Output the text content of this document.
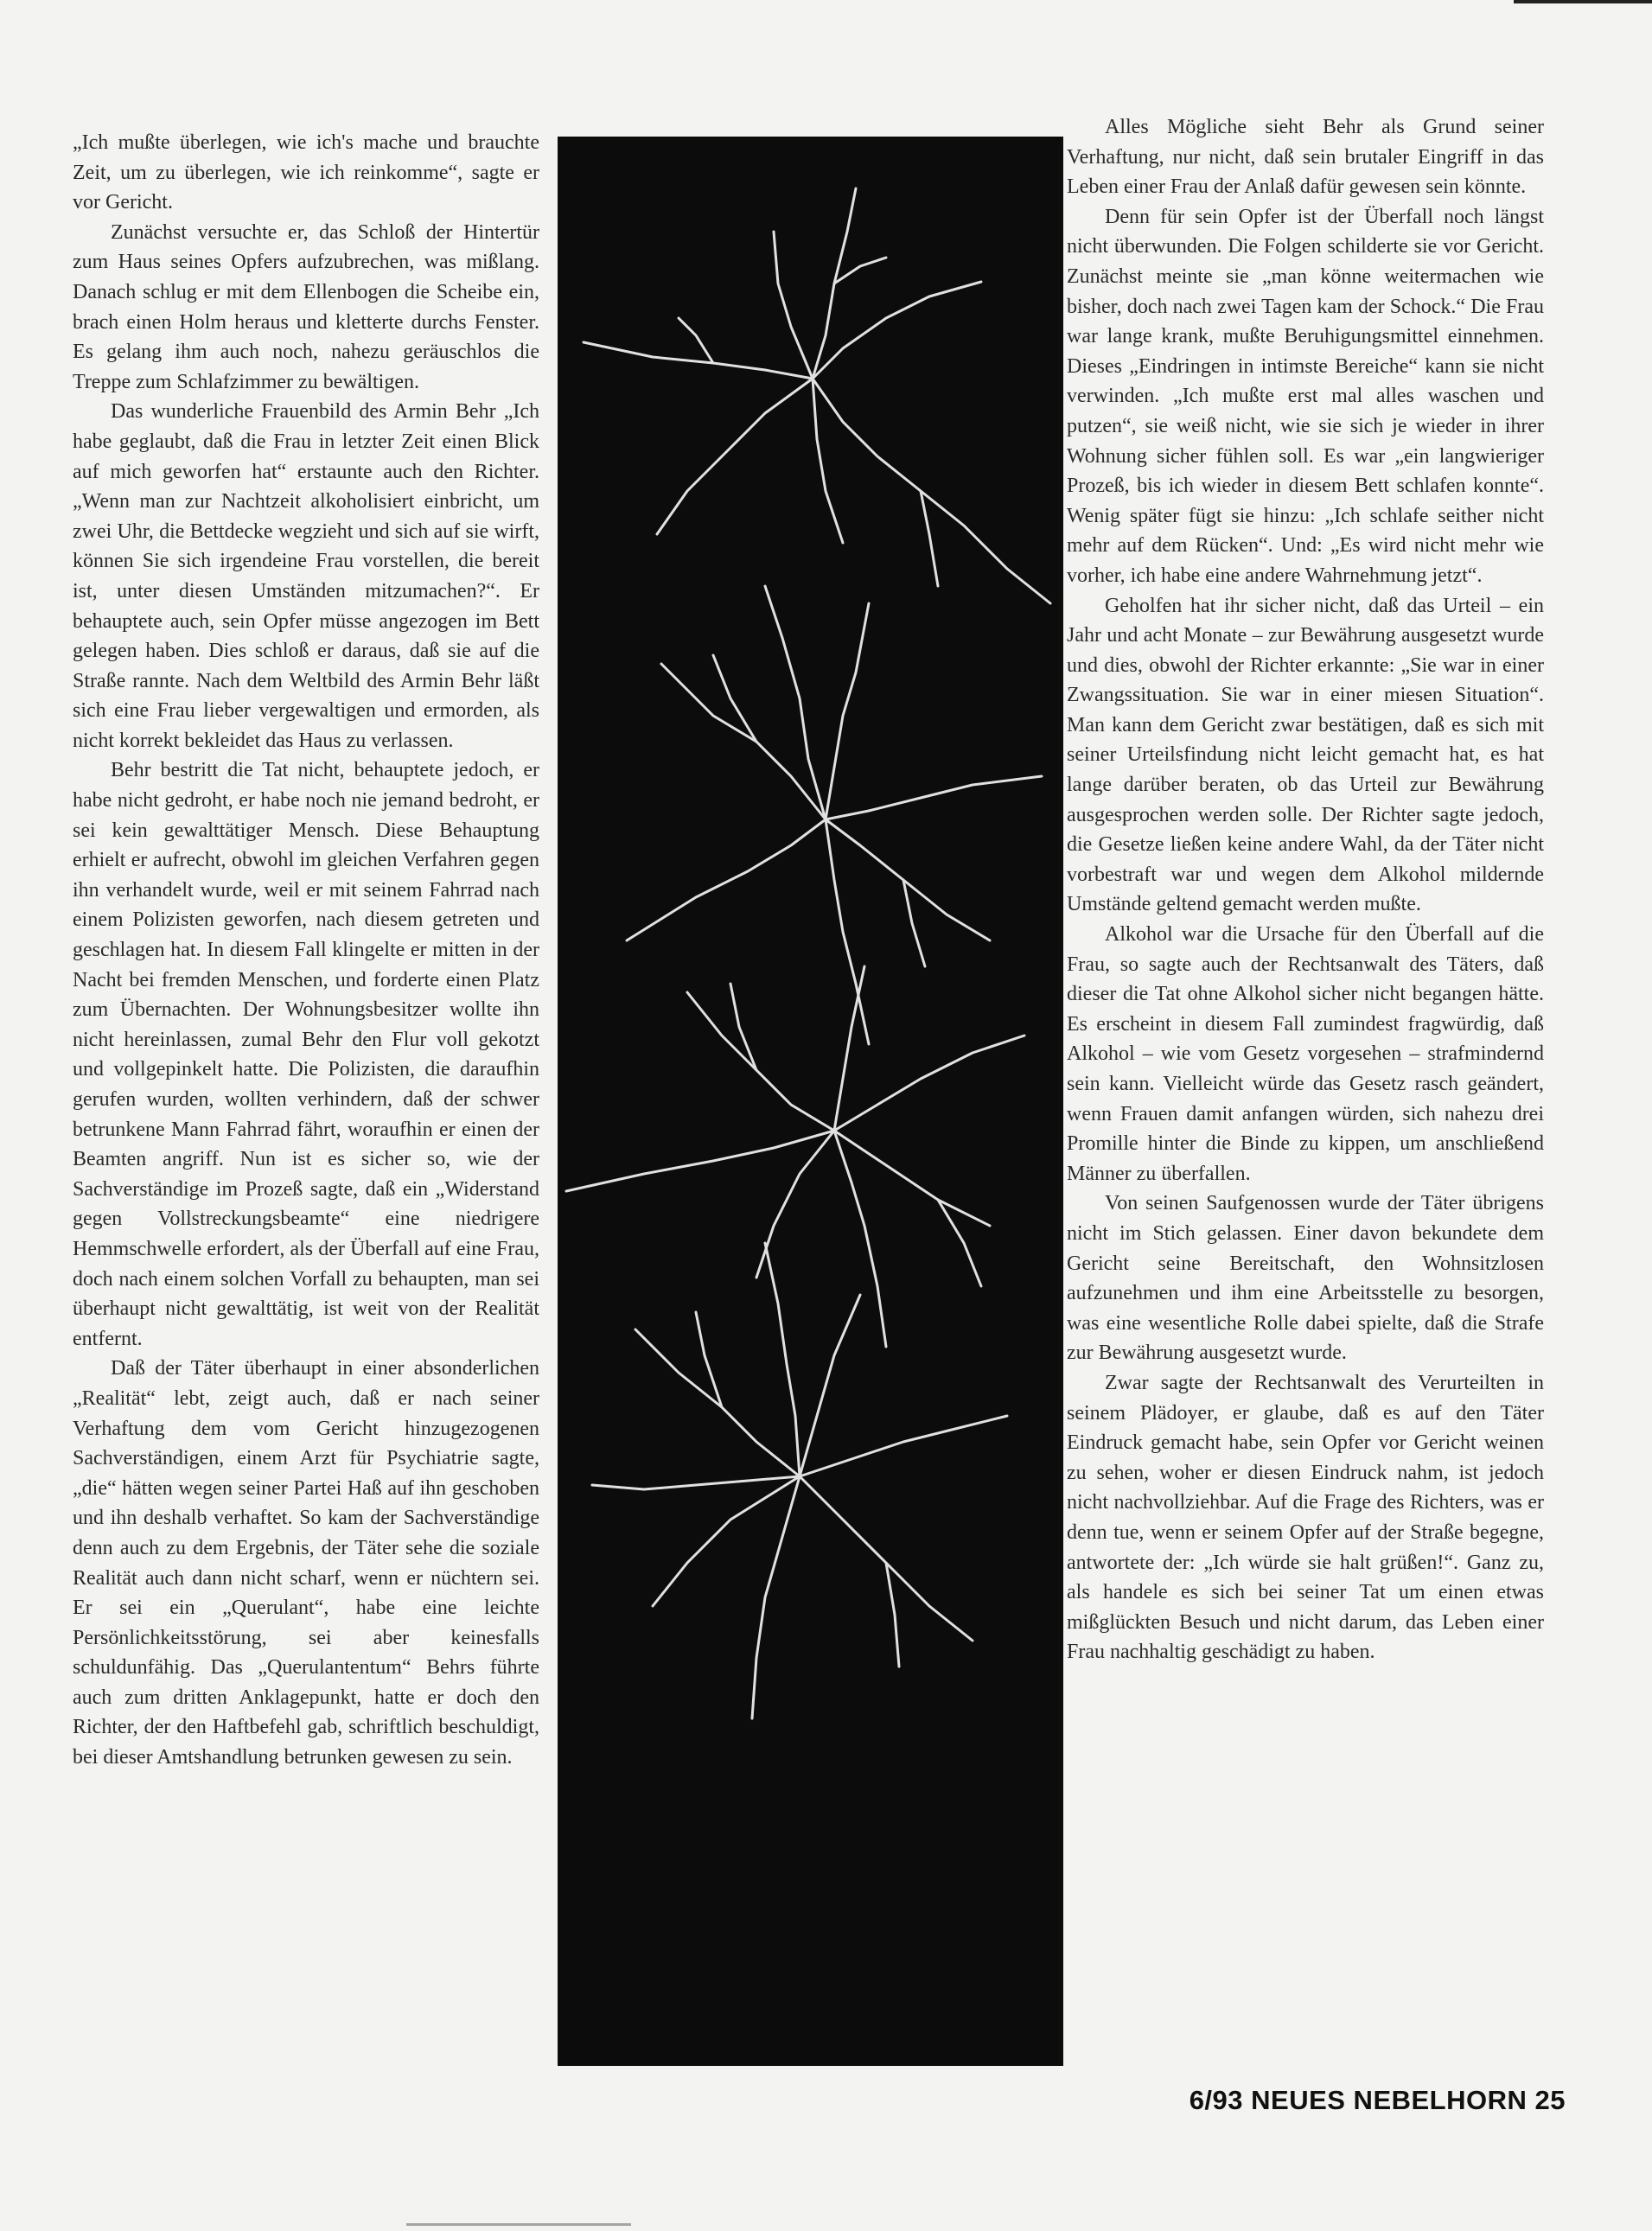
„Ich mußte überlegen, wie ich's mache und brauchte Zeit, um zu überlegen, wie ich reinkomme“, sagte er vor Gericht.

Zunächst versuchte er, das Schloß der Hintertür zum Haus seines Opfers aufzubrechen, was mißlang. Danach schlug er mit dem Ellenbogen die Scheibe ein, brach einen Holm heraus und kletterte durchs Fenster. Es gelang ihm auch noch, nahezu geräuschlos die Treppe zum Schlafzimmer zu bewältigen.

Das wunderliche Frauenbild des Armin Behr „Ich habe geglaubt, daß die Frau in letzter Zeit einen Blick auf mich geworfen hat“ erstaunte auch den Richter. „Wenn man zur Nachtzeit alkoholisiert einbricht, um zwei Uhr, die Bettdecke wegzieht und sich auf sie wirft, können Sie sich irgendeine Frau vorstellen, die bereit ist, unter diesen Umständen mitzumachen?“. Er behauptete auch, sein Opfer müsse angezogen im Bett gelegen haben. Dies schloß er daraus, daß sie auf die Straße rannte. Nach dem Weltbild des Armin Behr läßt sich eine Frau lieber vergewaltigen und ermorden, als nicht korrekt bekleidet das Haus zu verlassen.

Behr bestritt die Tat nicht, behauptete jedoch, er habe nicht gedroht, er habe noch nie jemand bedroht, er sei kein gewalttätiger Mensch. Diese Behauptung erhielt er aufrecht, obwohl im gleichen Verfahren gegen ihn verhandelt wurde, weil er mit seinem Fahrrad nach einem Polizisten geworfen, nach diesem getreten und geschlagen hat. In diesem Fall klingelte er mitten in der Nacht bei fremden Menschen, und forderte einen Platz zum Übernachten. Der Wohnungsbesitzer wollte ihn nicht hereinlassen, zumal Behr den Flur voll gekotzt und vollgepinkelt hatte. Die Polizisten, die daraufhin gerufen wurden, wollten verhindern, daß der schwer betrunkene Mann Fahrrad fährt, woraufhin er einen der Beamten angriff. Nun ist es sicher so, wie der Sachverständige im Prozeß sagte, daß ein „Widerstand gegen Vollstreckungsbeamte“ eine niedrigere Hemmschwelle erfordert, als der Überfall auf eine Frau, doch nach einem solchen Vorfall zu behaupten, man sei überhaupt nicht gewalttätig, ist weit von der Realität entfernt.

Daß der Täter überhaupt in einer absonderlichen „Realität“ lebt, zeigt auch, daß er nach seiner Verhaftung dem vom Gericht hinzugezogenen Sachverständigen, einem Arzt für Psychiatrie sagte, „die“ hätten wegen seiner Partei Haß auf ihn geschoben und ihn deshalb verhaftet. So kam der Sachverständige denn auch zu dem Ergebnis, der Täter sehe die soziale Realität auch dann nicht scharf, wenn er nüchtern sei. Er sei ein „Querulant“, habe eine leichte Persönlichkeitsstörung, sei aber keinesfalls schuldunfähig. Das „Querulantentum“ Behrs führte auch zum dritten Anklagepunkt, hatte er doch den Richter, der den Haftbefehl gab, schriftlich beschuldigt, bei dieser Amtshandlung betrunken gewesen zu sein.

Alles Mögliche sieht Behr als Grund seiner Verhaftung, nur nicht, daß sein brutaler Eingriff in das Leben einer Frau der Anlaß dafür gewesen sein könnte.

Denn für sein Opfer ist der Überfall noch längst nicht überwunden. Die Folgen schilderte sie vor Gericht. Zunächst meinte sie „man könne weitermachen wie bisher, doch nach zwei Tagen kam der Schock.“ Die Frau war lange krank, mußte Beruhigungsmittel einnehmen. Dieses „Eindringen in intimste Bereiche“ kann sie nicht verwinden. „Ich mußte erst mal alles waschen und putzen“, sie weiß nicht, wie sie sich je wieder in ihrer Wohnung sicher fühlen soll. Es war „ein langwieriger Prozeß, bis ich wieder in diesem Bett schlafen konnte“. Wenig später fügt sie hinzu: „Ich schlafe seither nicht mehr auf dem Rücken“. Und: „Es wird nicht mehr wie vorher, ich habe eine andere Wahrnehmung jetzt“.

Geholfen hat ihr sicher nicht, daß das Urteil – ein Jahr und acht Monate – zur Bewährung ausgesetzt wurde und dies, obwohl der Richter erkannte: „Sie war in einer Zwangssituation. Sie war in einer miesen Situation“. Man kann dem Gericht zwar bestätigen, daß es sich mit seiner Urteilsfindung nicht leicht gemacht hat, es hat lange darüber beraten, ob das Urteil zur Bewährung ausgesprochen werden solle. Der Richter sagte jedoch, die Gesetze ließen keine andere Wahl, da der Täter nicht vorbestraft war und wegen dem Alkohol mildernde Umstände geltend gemacht werden mußte.

Alkohol war die Ursache für den Überfall auf die Frau, so sagte auch der Rechtsanwalt des Täters, daß dieser die Tat ohne Alkohol sicher nicht begangen hätte. Es erscheint in diesem Fall zumindest fragwürdig, daß Alkohol – wie vom Gesetz vorgesehen – strafmindernd sein kann. Vielleicht würde das Gesetz rasch geändert, wenn Frauen damit anfangen würden, sich nahezu drei Promille hinter die Binde zu kippen, um anschließend Männer zu überfallen.

Von seinen Saufgenossen wurde der Täter übrigens nicht im Stich gelassen. Einer davon bekundete dem Gericht seine Bereitschaft, den Wohnsitzlosen aufzunehmen und ihm eine Arbeitsstelle zu besorgen, was eine wesentliche Rolle dabei spielte, daß die Strafe zur Bewährung ausgesetzt wurde.

Zwar sagte der Rechtsanwalt des Verurteilten in seinem Plädoyer, er glaube, daß es auf den Täter Eindruck gemacht habe, sein Opfer vor Gericht weinen zu sehen, woher er diesen Eindruck nahm, ist jedoch nicht nachvollziehbar. Auf die Frage des Richters, was er denn tue, wenn er seinem Opfer auf der Straße begegne, antwortete der: „Ich würde sie halt grüßen!“. Ganz zu, als handele es sich bei seiner Tat um einen etwas mißglückten Besuch und nicht darum, das Leben einer Frau nachhaltig geschädigt zu haben.

6/93 NEUES NEBELHORN 25
